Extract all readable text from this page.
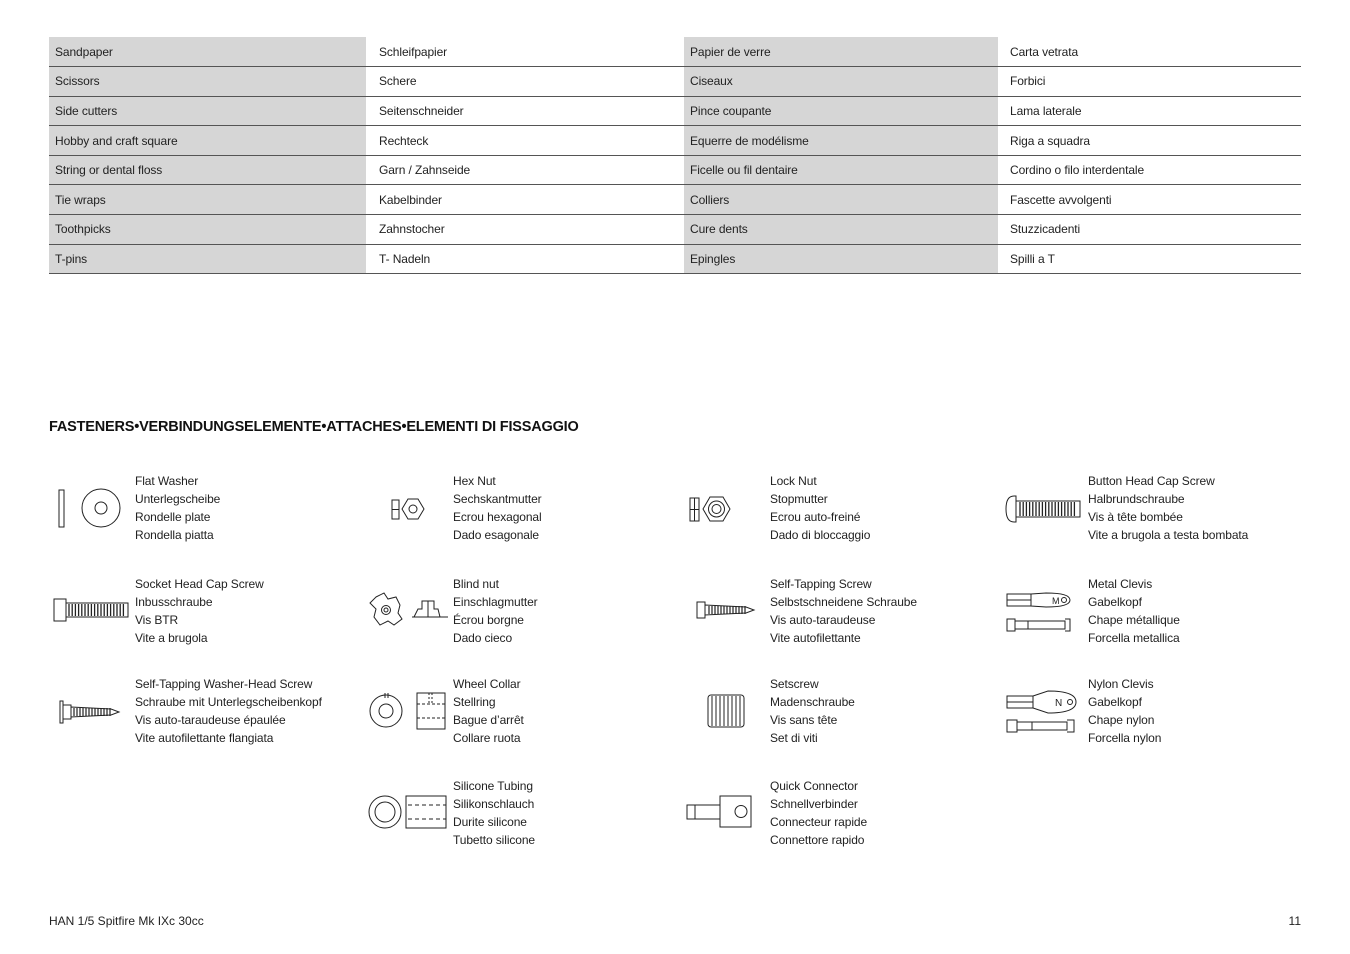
Sandpaper	Schleifpapier	Papier de verre	Carta vetrata
Scissors	Schere	Ciseaux	Forbici
Side cutters	Seitenschneider	Pince coupante	Lama laterale
Hobby and craft square	Rechteck	Equerre de modélisme	Riga a squadra
String or dental floss	Garn / Zahnseide	Ficelle ou fil dentaire	Cordino o filo interdentale
Tie wraps	Kabelbinder	Colliers	Fascette avvolgenti
Toothpicks	Zahnstocher	Cure dents	Stuzzicadenti
T-pins	T- Nadeln	Epingles	Spilli a T
FASTENERS•VERBINDUNGSELEMENTE•ATTACHES•ELEMENTI DI FISSAGGIO
Flat Washer
Unterlegscheibe
Rondelle plate
Rondella piatta
Hex Nut
Sechskantmutter
Ecrou hexagonal
Dado esagonale
Lock Nut
Stopmutter
Ecrou auto-freiné
Dado di bloccaggio
Button Head Cap Screw
Halbrundschraube
Vis à tête bombée
Vite a brugola a testa bombata
Socket Head Cap Screw
Inbusschraube
Vis BTR
Vite a brugola
Blind nut
Einschlagmutter
Écrou borgne
Dado cieco
Self-Tapping Screw
Selbstschneidene Schraube
Vis auto-taraudeuse
Vite autofilettante
M
Metal Clevis
Gabelkopf
Chape métallique
Forcella metallica
Self-Tapping Washer-Head Screw
Schraube mit Unterlegscheibenkopf
Vis auto-taraudeuse épaulée
Vite autofilettante flangiata
Wheel Collar
Stellring
Bague d’arrêt
Collare ruota
Setscrew
Madenschraube
Vis sans tête
Set di viti
N
Nylon Clevis
Gabelkopf
Chape nylon
Forcella nylon
Silicone Tubing
Silikonschlauch
Durite silicone
Tubetto silicone
Quick Connector
Schnellverbinder
Connecteur rapide
Connettore rapido
HAN 1/5 Spitfire Mk IXc 30cc	11
